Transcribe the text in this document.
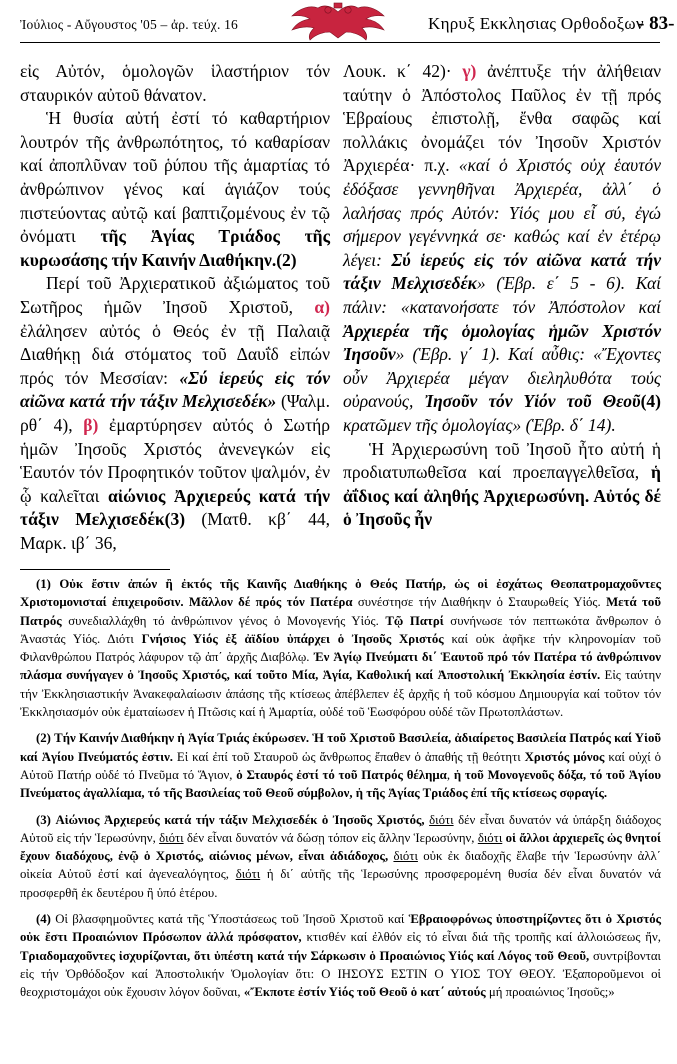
Ἰούλιος - Αὔγουστος '05 – ἀρ. τεύχ. 16	Κηρυξ Εκκλησιας Ορθοδοξων
- 83-

εἰς Αὐτόν, ὁμολογῶν ἱλαστήριον τόν σταυρικόν αὐτοῦ θάνατον.

Ἡ θυσία αὐτή ἐστί τό καθαρτήριον λουτρόν τῆς ἀνθρωπότητος, τό καθαρίσαν καί ἀποπλῦναν τοῦ ῥύπου τῆς ἁμαρτίας τό ἀνθρώπινον γένος καί ἁγιάζον τούς πιστεύοντας αὐτῷ καί βαπτιζομένους ἐν τῷ ὀνόματι τῆς Ἁγίας Τριάδος τῆς κυρωσάσης τήν Καινήν Διαθήκην.(2)

Περί τοῦ Ἀρχιερατικοῦ ἀξιώματος τοῦ Σωτῆρος ἡμῶν Ἰησοῦ Χριστοῦ, α) ἐλάλησεν αὐτός ὁ Θεός ἐν τῇ Παλαιᾷ Διαθήκῃ διά στόματος τοῦ Δαυΐδ εἰπών πρός τόν Μεσσίαν: «Σύ ἱερεύς εἰς τόν αἰῶνα κατά τήν τάξιν Μελχισεδέκ» (Ψαλμ. ρθ΄ 4), β) ἐμαρτύρησεν αὐτός ὁ Σωτήρ ἡμῶν Ἰησοῦς Χριστός ἀνενεγκών εἰς Ἑαυτόν τόν Προφητικόν τοῦτον ψαλμόν, ἐν ᾧ καλεῖται αἰώνιος Ἀρχιερεύς κατά τήν τάξιν Μελχισεδέκ(3) (Ματθ. κβ΄ 44, Μαρκ. ιβ΄ 36,

Λουκ. κ΄ 42)· γ) ἀνέπτυξε τήν ἀλήθειαν ταύτην ὁ Ἀπόστολος Παῦλος ἐν τῇ πρός Ἑβραίους ἐπιστολῇ, ἔνθα σαφῶς καί πολλάκις ὀνομάζει τόν Ἰησοῦν Χριστόν Ἀρχιερέα· π.χ. «καί ὁ Χριστός οὐχ ἑαυτόν ἐδόξασε γεννηθῆναι Ἀρχιερέα, ἀλλ΄ ὁ λαλήσας πρός Αὐτόν: Υἱός μου εἶ σύ, ἐγώ σήμερον γεγέννηκά σε· καθώς καί ἐν ἑτέρῳ λέγει: Σύ ἱερεύς εἰς τόν αἰῶνα κατά τήν τάξιν Μελχισεδέκ» (Ἑβρ. ε΄ 5 - 6). Καί πάλιν: «κατανοήσατε τόν Ἀπόστολον καί Ἀρχιερέα τῆς ὁμολογίας ἡμῶν Χριστόν Ἰησοῦν» (Ἑβρ. γ΄ 1). Καί αὖθις: «Ἔχοντες οὖν Ἀρχιερέα μέγαν διεληλυθότα τούς οὐρανούς, Ἰησοῦν τόν Υἱόν τοῦ Θεοῦ(4) κρατῶμεν τῆς ὁμολογίας» (Ἑβρ. δ΄ 14).

Ἡ Ἀρχιερωσύνη τοῦ Ἰησοῦ ἦτο αὐτή ἡ προδιατυπωθεῖσα καί προεπαγγελθεῖσα, ἡ ἀΐδιος καί ἀληθής Ἀρχιερωσύνη. Αὐτός δέ ὁ Ἰησοῦς ἦν

(1) Οὐκ ἔστιν ἀπών ἢ ἐκτός τῆς Καινῆς Διαθήκης ὁ Θεός Πατήρ, ὡς οἱ ἐσχάτως Θεοπατρομαχοῦντες Χριστομονισταί ἐπιχειροῦσιν. Μᾶλλον δέ πρός τόν Πατέρα συνέστησε τήν Διαθήκην ὁ Σταυρωθείς Υἱός. Μετά τοῦ Πατρός συνεδιαλλάχθη τό ἀνθρώπινον γένος ὁ Μονογενής Υἱός. Τῷ Πατρί συνήνωσε τόν πεπτωκότα ἄνθρωπον ὁ Ἀναστάς Υἱός. Διότι Γνήσιος Υἱός ἐξ ἀϊδίου ὑπάρχει ὁ Ἰησοῦς Χριστός καί οὐκ ἀφῆκε τήν κληρονομίαν τοῦ Φιλανθρώπου Πατρός λάφυρον τῷ ἀπ΄ ἀρχῆς Διαβόλῳ. Ἐν Ἁγίῳ Πνεύματι δι΄ Ἑαυτοῦ πρό τόν Πατέρα τό ἀνθρώπινον πλάσμα συνήγαγεν ὁ Ἰησοῦς Χριστός, καί τοῦτο Μία, Ἁγία, Καθολική καί Ἀποστολική Ἐκκλησία ἐστίν. Εἰς ταύτην τήν Ἐκκλησιαστικήν Ἀνακεφαλαίωσιν ἁπάσης τῆς κτίσεως ἀπέβλεπεν ἐξ ἀρχῆς ἡ τοῦ κόσμου Δημιουργία καί τοῦτον τόν Ἐκκλησιασμόν οὐκ ἐματαίωσεν ἡ Πτῶσις καί ἡ Ἁμαρτία, οὐδέ τοῦ Ἑωσφόρου οὐδέ τῶν Πρωτοπλάστων.

(2) Τήν Καινήν Διαθήκην ἡ Ἁγία Τριάς ἐκύρωσεν. Ἡ τοῦ Χριστοῦ Βασιλεία, ἀδιαίρετος Βασιλεία Πατρός καί Υἱοῦ καί Ἁγίου Πνεύματός ἐστιν. Εἰ καί ἐπί τοῦ Σταυροῦ ὡς ἄνθρωπος ἔπαθεν ὁ ἀπαθής τῇ θεότητι Χριστός μόνος καί οὐχί ὁ Αὐτοῦ Πατήρ οὐδέ τό Πνεῦμα τό Ἅγιον, ὁ Σταυρός ἐστί τό τοῦ Πατρός θέλημα, ἡ τοῦ Μονογενοῦς δόξα, τό τοῦ Ἁγίου Πνεύματος ἀγαλλίαμα, τό τῆς Βασιλείας τοῦ Θεοῦ σύμβολον, ἡ τῆς Ἁγίας Τριάδος ἐπί τῆς κτίσεως σφραγίς.

(3) Αἰώνιος Ἀρχιερεύς κατά τήν τάξιν Μελχισεδέκ ὁ Ἰησοῦς Χριστός, διότι δέν εἶναι δυνατόν νά ὑπάρξη διάδοχος Αὐτοῦ εἰς τήν Ἱερωσύνην, διότι δέν εἶναι δυνατόν νά δώσῃ τόπον εἰς ἄλλην Ἱερωσύνην, διότι οἱ ἄλλοι ἀρχιερεῖς ὡς θνητοί ἔχουν διαδόχους, ἐνῷ ὁ Χριστός, αἰώνιος μένων, εἶναι ἀδιάδοχος, διότι οὐκ ἐκ διαδοχῆς ἔλαβε τήν Ἱερωσύνην ἀλλ΄ οἰκεία Αὐτοῦ ἐστί καί ἀγενεαλόγητος, διότι ἡ δι΄ αὐτῆς τῆς Ἱερωσύνης προσφερομένη θυσία δέν εἶναι δυνατόν νά προσφερθῆ ἐκ δευτέρου ἢ ὑπό ἑτέρου.

(4) Οἱ βλασφημοῦντες κατά τῆς Ὑποστάσεως τοῦ Ἰησοῦ Χριστοῦ καί Ἑβραιοφρόνως ὑποστηρίζοντες ὅτι ὁ Χριστός οὐκ ἔστι Προαιώνιον Πρόσωπον ἀλλά πρόσφατον, κτισθέν καί ἐλθόν εἰς τό εἶναι διά τῆς τροπῆς καί ἀλλοιώσεως ἤν, Τριαδομαχοῦντες ἰσχυρίζονται, ὅτι ὑπέστη κατά τήν Σάρκωσιν ὁ Προαιώνιος Υἱός καί Λόγος τοῦ Θεοῦ, συντρίβονται εἰς τήν Ὀρθόδοξον καί Ἀποστολικήν Ὁμολογίαν ὅτι: Ο ΙΗΣΟΥΣ ΕΣΤΙΝ Ο ΥΙΟΣ ΤΟΥ ΘΕΟΥ. Ἐξαποροῦμενοι οἱ θεοχριστομάχοι οὐκ ἔχουσιν λόγον δοῦναι, «Ἔκποτε ἐστίν Υἱός τοῦ Θεοῦ ὁ κατ΄ αὐτούς μή προαιώνιος Ἰησοῦς;»
